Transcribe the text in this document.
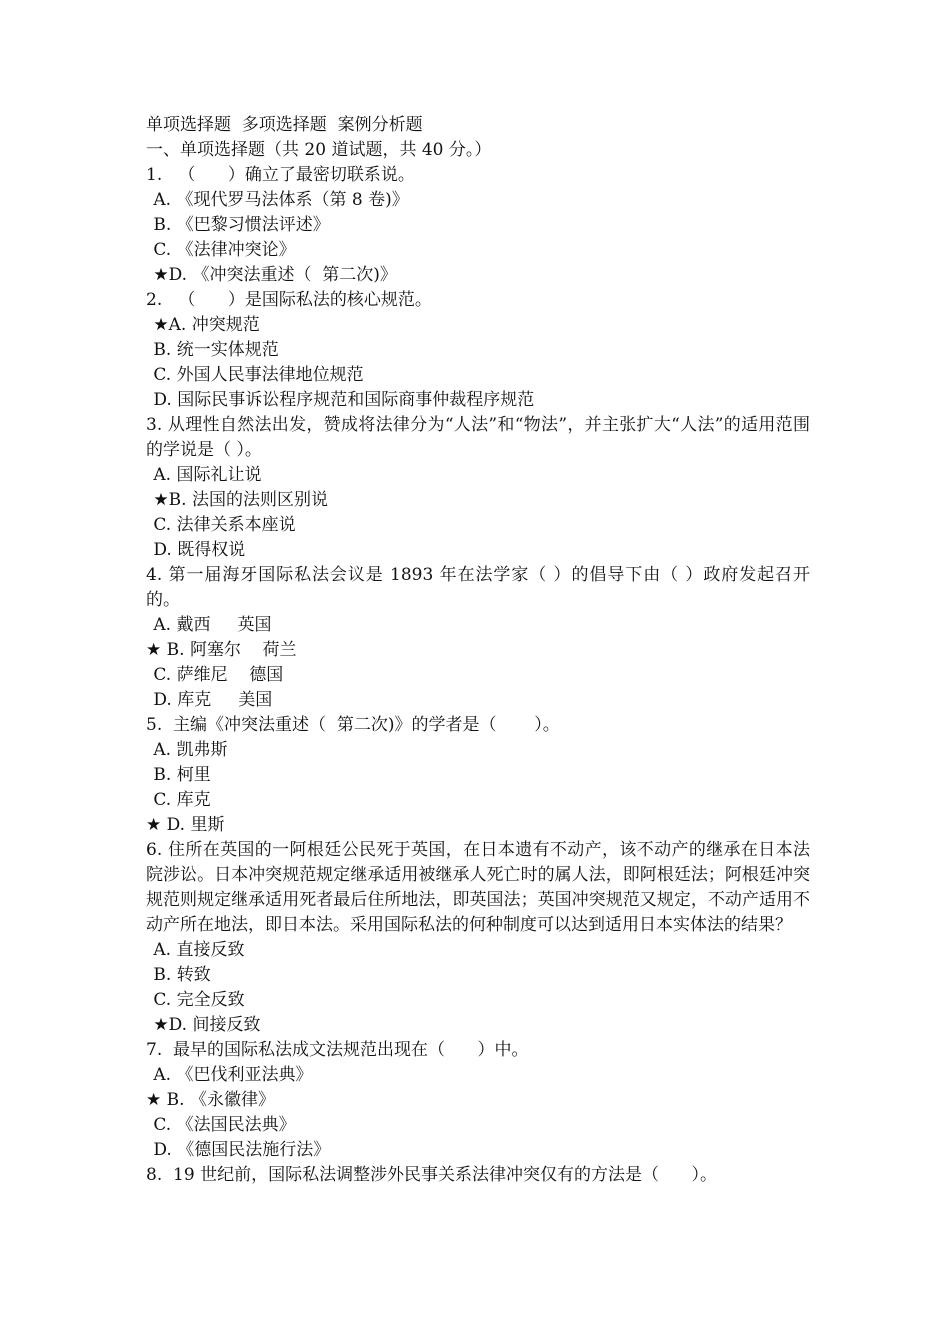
单项选择题  多项选择题  案例分析题
一、单项选择题（共 20 道试题，共 40 分。）
1.   （      ）确立了最密切联系说。
A. 《现代罗马法体系（第 8 卷)》
B. 《巴黎习惯法评述》
C. 《法律冲突论》
★D. 《冲突法重述（  第二次)》
2.   （      ）是国际私法的核心规范。
★A. 冲突规范
B. 统一实体规范
C. 外国人民事法律地位规范
D. 国际民事诉讼程序规范和国际商事仲裁程序规范
3. 从理性自然法出发，赞成将法律分为“人法”和“物法”，并主张扩大“人法”的适用范围的学说是（ ）。
A. 国际礼让说
★B. 法国的法则区别说
C. 法律关系本座说
D. 既得权说
4. 第一届海牙国际私法会议是 1893 年在法学家（ ）的倡导下由（ ）政府发起召开的。
A. 戴西     英国
★ B. 阿塞尔    荷兰
C. 萨维尼    德国
D. 库克     美国
5.  主编《冲突法重述（  第二次)》的学者是（       ）。
A. 凯弗斯
B. 柯里
C. 库克
★ D. 里斯
6. 住所在英国的一阿根廷公民死于英国，在日本遗有不动产，该不动产的继承在日本法院涉讼。日本冲突规范规定继承适用被继承人死亡时的属人法，即阿根廷法；阿根廷冲突规范则规定继承适用死者最后住所地法，即英国法；英国冲突规范又规定，不动产适用不动产所在地法，即日本法。采用国际私法的何种制度可以达到适用日本实体法的结果？
A. 直接反致
B. 转致
C. 完全反致
★D. 间接反致
7.  最早的国际私法成文法规范出现在（      ）中。
A. 《巴伐利亚法典》
★ B. 《永徽律》
C. 《法国民法典》
D. 《德国民法施行法》
8.  19 世纪前，国际私法调整涉外民事关系法律冲突仅有的方法是（      ）。
